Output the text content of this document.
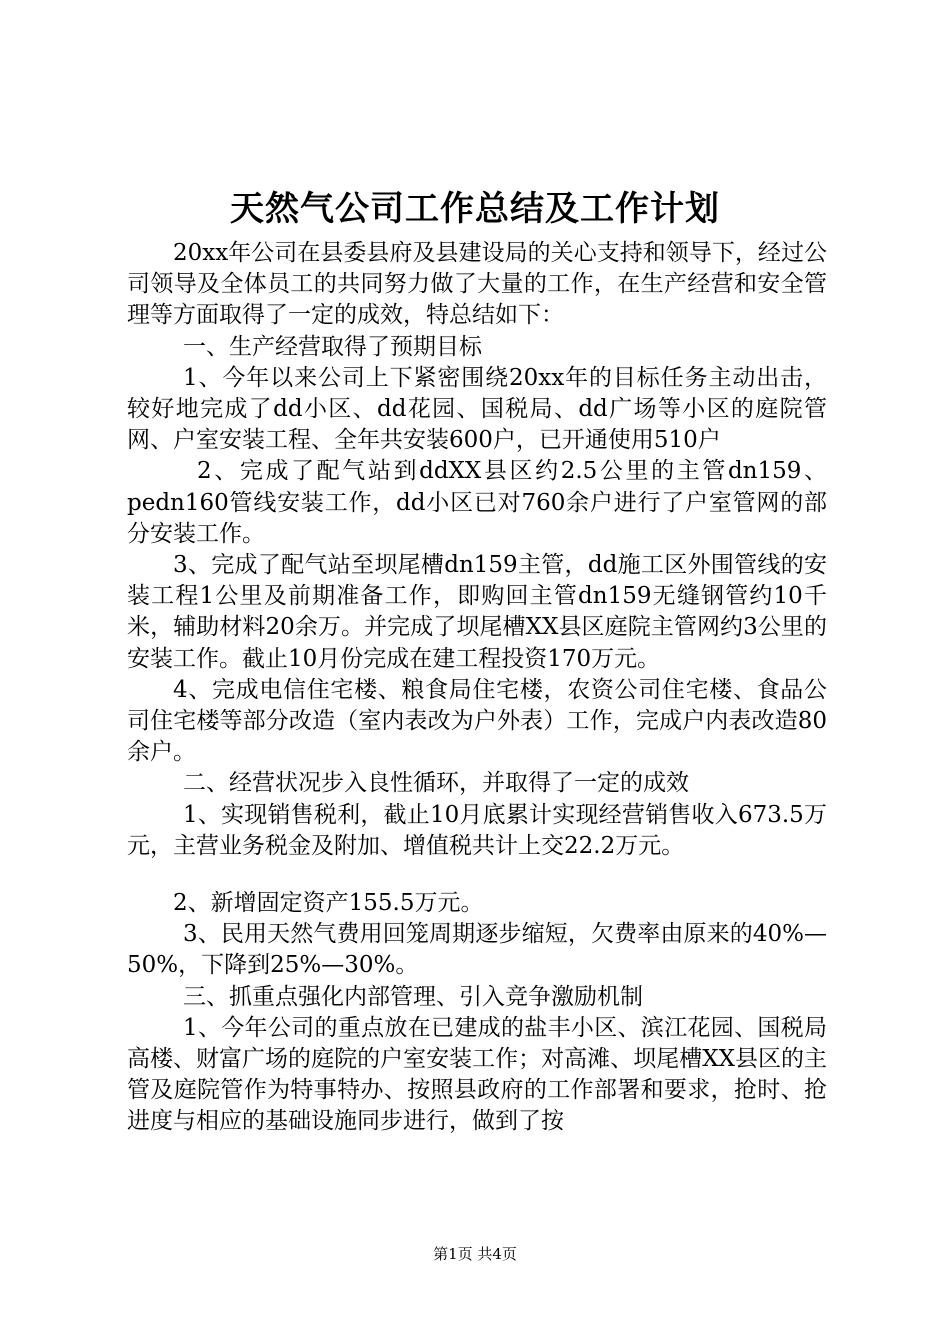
天然气公司工作总结及工作计划

20xx年公司在县委县府及县建设局的关心支持和领导下，经过公司领导及全体员工的共同努力做了大量的工作，在生产经营和安全管理等方面取得了一定的成效，特总结如下：

一、生产经营取得了预期目标

1、今年以来公司上下紧密围绕20xx年的目标任务主动出击，较好地完成了dd小区、dd花园、国税局、dd广场等小区的庭院管网、户室安装工程、全年共安装600户，已开通使用510户

2、完成了配气站到ddXX县区约2.5公里的主管dn159、pedn160管线安装工作，dd小区已对760余户进行了户室管网的部分安装工作。

3、完成了配气站至坝尾槽dn159主管，dd施工区外围管线的安装工程1公里及前期准备工作，即购回主管dn159无缝钢管约10千米，辅助材料20余万。并完成了坝尾槽XX县区庭院主管网约3公里的安装工作。截止10月份完成在建工程投资170万元。

4、完成电信住宅楼、粮食局住宅楼，农资公司住宅楼、食品公司住宅楼等部分改造（室内表改为户外表）工作，完成户内表改造80余户。

二、经营状况步入良性循环，并取得了一定的成效

1、实现销售税利，截止10月底累计实现经营销售收入673.5万元，主营业务税金及附加、增值税共计上交22.2万元。

2、新增固定资产155.5万元。

3、民用天然气费用回笼周期逐步缩短，欠费率由原来的40%—50%，下降到25%—30%。

三、抓重点强化内部管理、引入竞争激励机制

1、今年公司的重点放在已建成的盐丰小区、滨江花园、国税局高楼、财富广场的庭院的户室安装工作；对高滩、坝尾槽XX县区的主管及庭院管作为特事特办、按照县政府的工作部署和要求，抢时、抢进度与相应的基础设施同步进行，做到了按

第1页 共4页
